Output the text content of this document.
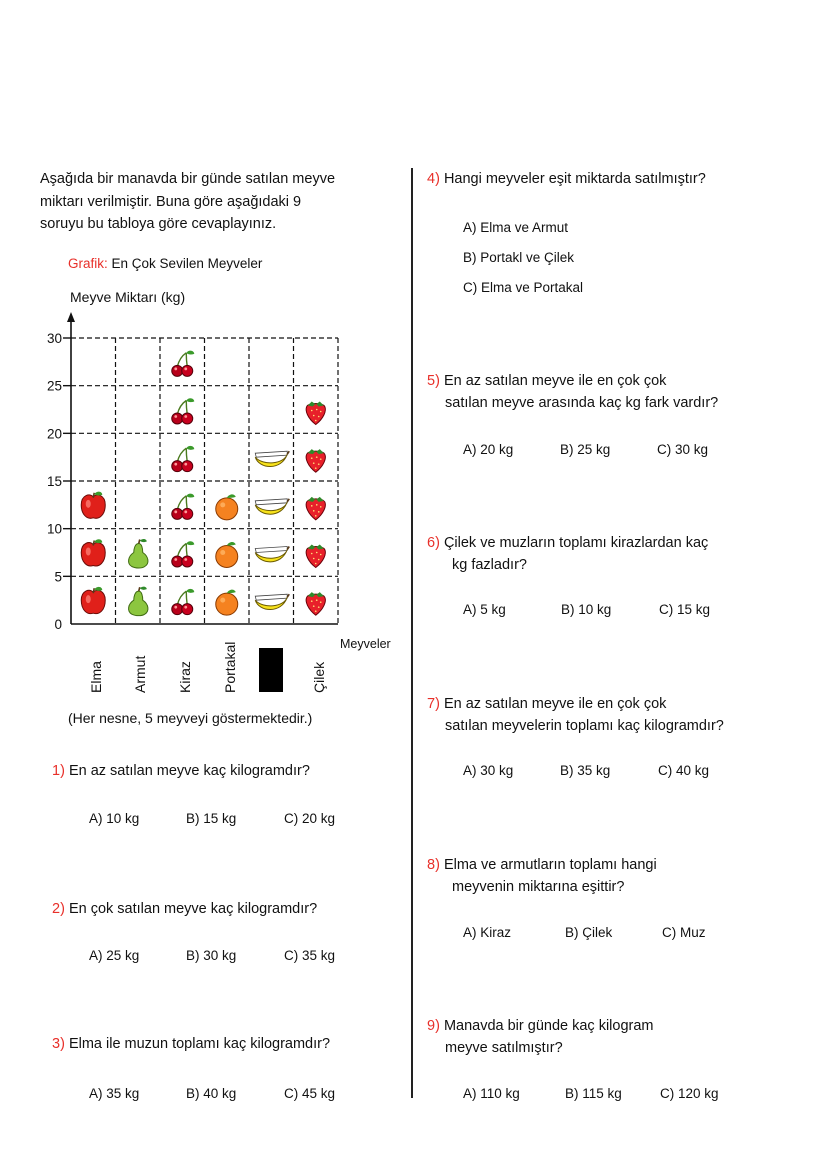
Aşağıda bir manavda bir günde satılan meyve
miktarı verilmiştir. Buna göre aşağıdaki 9
soruyu bu tabloya göre cevaplayınız.
Grafik: En Çok Sevilen Meyveler
Meyve Miktarı (kg)
0
5
10
15
20
25
30
Meyveler
Elma Armut Kiraz Portakal	Çilek
(Her nesne, 5 meyveyi göstermektedir.)
1) En az satılan meyve kaç kilogramdır?
A) 10 kg	B) 15 kg	C) 20 kg
2) En çok satılan meyve kaç kilogramdır?
A) 25 kg	B) 30 kg	C) 35 kg
3) Elma ile muzun toplamı kaç kilogramdır?
A) 35 kg	B) 40 kg	C) 45 kg
4) Hangi meyveler eşit miktarda satılmıştır?
A) Elma ve Armut
B) Portakl ve Çilek
C) Elma ve Portakal
5) En az satılan meyve ile en çok çok
satılan meyve arasında kaç kg fark vardır?
A) 20 kg	B) 25 kg	C) 30 kg
6) Çilek ve muzların toplamı kirazlardan kaç
kg fazladır?
A) 5 kg	B) 10 kg	C) 15 kg
7) En az satılan meyve ile en çok çok
satılan meyvelerin toplamı kaç kilogramdır?
A) 30 kg	B) 35 kg	C) 40 kg
8) Elma ve armutların toplamı hangi
meyvenin miktarına eşittir?
A) Kiraz	B) Çilek	C) Muz
9) Manavda bir günde kaç kilogram
meyve satılmıştır?
A) 110 kg	B) 115 kg	C) 120 kg
